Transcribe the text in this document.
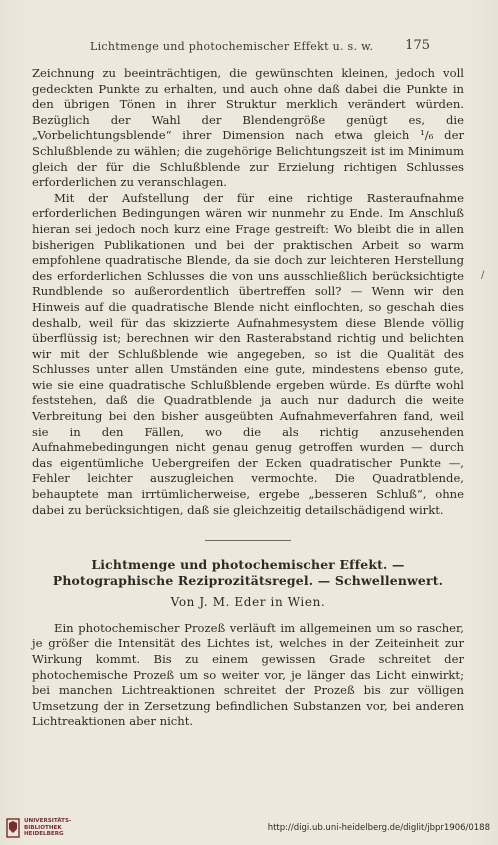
Lichtmenge und photochemischer Effekt u. s. w.	175
/

Zeichnung zu beeinträchtigen, die gewünschten kleinen, jedoch voll gedeckten Punkte zu erhalten, und auch ohne daß dabei die Punkte in den übrigen Tönen in ihrer Struktur merklich verändert würden. Bezüglich der Wahl der Blendengröße genügt es, die „Vorbelichtungsblende“ ihrer Dimension nach etwa gleich ¹/₆ der Schlußblende zu wählen; die zugehörige Belichtungszeit ist im Minimum gleich der für die Schlußblende zur Erzielung richtigen Schlusses erforderlichen zu veranschlagen.

Mit der Aufstellung der für eine richtige Rasteraufnahme erforderlichen Bedingungen wären wir nunmehr zu Ende. Im Anschluß hieran sei jedoch noch kurz eine Frage gestreift: Wo bleibt die in allen bisherigen Publikationen und bei der praktischen Arbeit so warm empfohlene quadratische Blende, da sie doch zur leichteren Herstellung des erforderlichen Schlusses die von uns ausschließlich berücksichtigte Rundblende so außerordentlich übertreffen soll? — Wenn wir den Hinweis auf die quadratische Blende nicht einflochten, so geschah dies deshalb, weil für das skizzierte Aufnahmesystem diese Blende völlig überflüssig ist; berechnen wir den Rasterabstand richtig und belichten wir mit der Schlußblende wie angegeben, so ist die Qualität des Schlusses unter allen Umständen eine gute, mindestens ebenso gute, wie sie eine quadratische Schlußblende ergeben würde. Es dürfte wohl feststehen, daß die Quadratblende ja auch nur dadurch die weite Verbreitung bei den bisher ausgeübten Aufnahmeverfahren fand, weil sie in den Fällen, wo die als richtig anzusehenden Aufnahmebedingungen nicht genau genug getroffen wurden — durch das eigentümliche Uebergreifen der Ecken quadratischer Punkte —, Fehler leichter auszugleichen vermochte. Die Quadratblende, behauptete man irrtümlicherweise, ergebe „besseren Schluß“, ohne dabei zu berücksichtigen, daß sie gleichzeitig detailschädigend wirkt.

Lichtmenge und photochemischer Effekt. —
Photographische Reziprozitätsregel. — Schwellenwert.
Von J. M. Eder in Wien.

Ein photochemischer Prozeß verläuft im allgemeinen um so rascher, je größer die Intensität des Lichtes ist, welches in der Zeiteinheit zur Wirkung kommt. Bis zu einem gewissen Grade schreitet der photochemische Prozeß um so weiter vor, je länger das Licht einwirkt; bei manchen Lichtreaktionen schreitet der Prozeß bis zur völligen Umsetzung der in Zersetzung befindlichen Substanzen vor, bei anderen Lichtreaktionen aber nicht.

UNIVERSITÄTS-
BIBLIOTHEK
HEIDELBERG
http://digi.ub.uni-heidelberg.de/diglit/jbpr1906/0188
